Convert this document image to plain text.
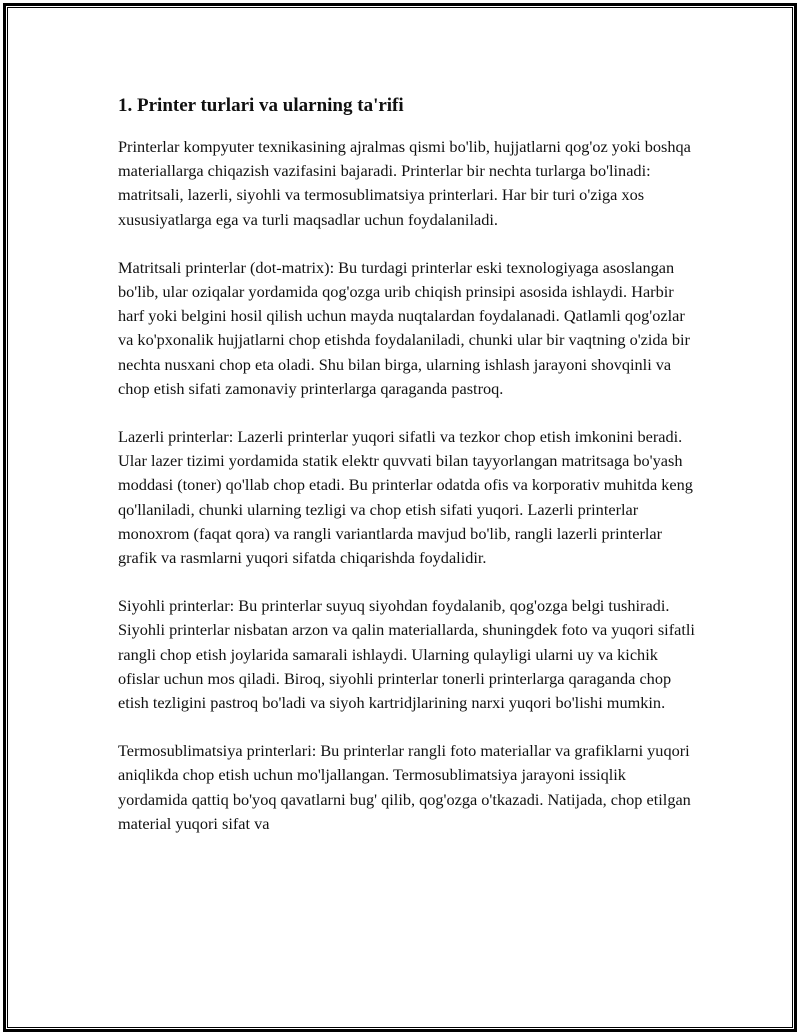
1. Printer turlari va ularning ta'rifi

Printerlar kompyuter texnikasining ajralmas qismi bo'lib, hujjatlarni qog'oz yoki boshqa materiallarga chiqazish vazifasini bajaradi. Printerlar bir nechta turlarga bo'linadi: matritsali, lazerli, siyohli va termosublimatsiya printerlari. Har bir turi o'ziga xos xususiyatlarga ega va turli maqsadlar uchun foydalaniladi.

Matritsali printerlar (dot-matrix): Bu turdagi printerlar eski texnologiyaga asoslangan bo'lib, ular oziqalar yordamida qog'ozga urib chiqish prinsipi asosida ishlaydi. Harbir harf yoki belgini hosil qilish uchun mayda nuqtalardan foydalanadi. Qatlamli qog'ozlar va ko'pxonalik hujjatlarni chop etishda foydalaniladi, chunki ular bir vaqtning o'zida bir nechta nusxani chop eta oladi. Shu bilan birga, ularning ishlash jarayoni shovqinli va chop etish sifati zamonaviy printerlarga qaraganda pastroq.

Lazerli printerlar: Lazerli printerlar yuqori sifatli va tezkor chop etish imkonini beradi. Ular lazer tizimi yordamida statik elektr quvvati bilan tayyorlangan matritsaga bo'yash moddasi (toner) qo'llab chop etadi. Bu printerlar odatda ofis va korporativ muhitda keng qo'llaniladi, chunki ularning tezligi va chop etish sifati yuqori. Lazerli printerlar monoxrom (faqat qora) va rangli variantlarda mavjud bo'lib, rangli lazerli printerlar grafik va rasmlarni yuqori sifatda chiqarishda foydalidir.

Siyohli printerlar: Bu printerlar suyuq siyohdan foydalanib, qog'ozga belgi tushiradi. Siyohli printerlar nisbatan arzon va qalin materiallarda, shuningdek foto va yuqori sifatli rangli chop etish joylarida samarali ishlaydi. Ularning qulayligi ularni uy va kichik ofislar uchun mos qiladi. Biroq, siyohli printerlar tonerli printerlarga qaraganda chop etish tezligini pastroq bo'ladi va siyoh kartridjlarining narxi yuqori bo'lishi mumkin.

Termosublimatsiya printerlari: Bu printerlar rangli foto materiallar va grafiklarni yuqori aniqlikda chop etish uchun mo'ljallangan. Termosublimatsiya jarayoni issiqlik yordamida qattiq bo'yoq qavatlarni bug' qilib, qog'ozga o'tkazadi. Natijada, chop etilgan material yuqori sifat va
